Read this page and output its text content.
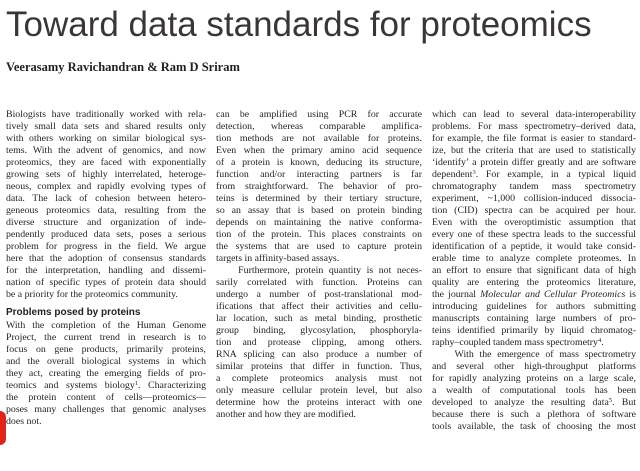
Toward data standards for proteomics

Veerasamy Ravichandran & Ram D Sriram

Biologists have traditionally worked with rela-
tively small data sets and shared results only
with others working on similar biological sys-
tems. With the advent of genomics, and now
proteomics, they are faced with exponentially
growing sets of highly interrelated, heteroge-
neous, complex and rapidly evolving types of
data. The lack of cohesion between hetero-
geneous proteomics data, resulting from the
diverse structure and organization of inde-
pendently produced data sets, poses a serious
problem for progress in the field. We argue
here that the adoption of consensus standards
for the interpretation, handling and dissemi-
nation of specific types of protein data should
be a priority for the proteomics community.
Problems posed by proteins
With the completion of the Human Genome
Project, the current trend in research is to
focus on gene products, primarily proteins,
and the overall biological systems in which
they act, creating the emerging fields of pro-
teomics and systems biology$^1$. Characterizing
the protein content of cells—proteomics—
poses many challenges that genomic analyses
does not.
can be amplified using PCR for accurate
detection, whereas comparable amplifica-
tion methods are not available for proteins.
Even when the primary amino acid sequence
of a protein is known, deducing its structure,
function and/or interacting partners is far
from straightforward. The behavior of pro-
teins is determined by their tertiary structure,
so an assay that is based on protein binding
depends on maintaining the native conforma-
tion of the protein. This places constraints on
the systems that are used to capture protein
targets in affinity-based assays.
Furthermore, protein quantity is not neces-
sarily correlated with function. Proteins can
undergo a number of post-translational mod-
ifications that affect their activities and cellu-
lar location, such as metal binding, prosthetic
group binding, glycosylation, phosphoryla-
tion and protease clipping, among others.
RNA splicing can also produce a number of
similar proteins that differ in function. Thus,
a complete proteomics analysis must not
only measure cellular protein level, but also
determine how the proteins interact with one
another and how they are modified.
which can lead to several data-interoperability
problems. For mass spectrometry–derived data,
for example, the file format is easier to standard-
ize, but the criteria that are used to statistically
‘identify’ a protein differ greatly and are software
dependent$^3$. For example, in a typical liquid
chromatography tandem mass spectrometry
experiment, ~1,000 collision-induced dissocia-
tion (CID) spectra can be acquired per hour.
Even with the overoptimistic assumption that
every one of these spectra leads to the successful
identification of a peptide, it would take consid-
erable time to analyze complete proteomes. In
an effort to ensure that significant data of high
quality are entering the proteomics literature,
the journal Molecular and Cellular Proteomics is
introducing guidelines for authors submitting
manuscripts containing large numbers of pro-
teins identified primarily by liquid chromatog-
raphy–coupled tandem mass spectrometry$^4$.
With the emergence of mass spectrometry
and several other high-throughput platforms
for rapidly analyzing proteins on a large scale,
a wealth of computational tools has been
developed to analyze the resulting data$^5$. But
because there is such a plethora of software
tools available, the task of choosing the most
